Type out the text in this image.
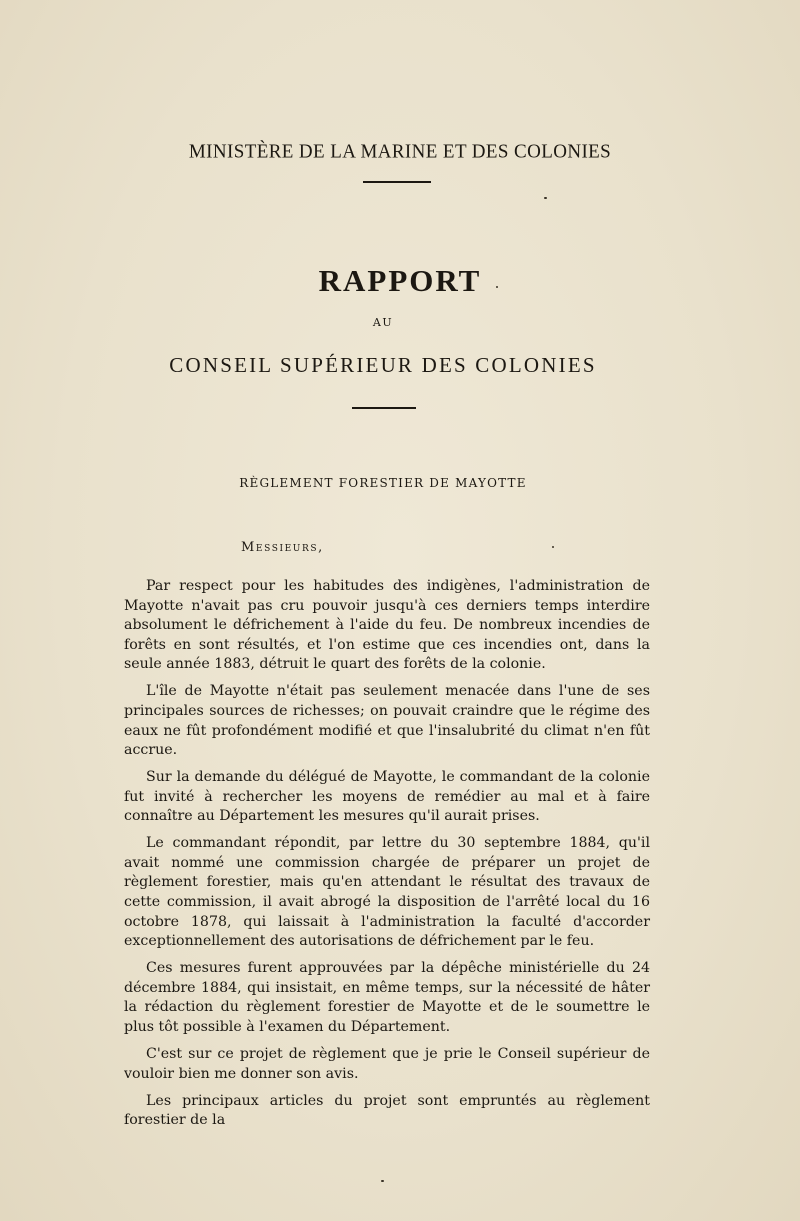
MINISTÈRE DE LA MARINE ET DES COLONIES
RAPPORT
AU
CONSEIL SUPÉRIEUR DES COLONIES
RÈGLEMENT FORESTIER DE MAYOTTE
Messieurs,

Par respect pour les habitudes des indigènes, l'administration de Mayotte n'avait pas cru pouvoir jusqu'à ces derniers temps interdire absolument le défrichement à l'aide du feu. De nombreux incendies de forêts en sont résultés, et l'on estime que ces incendies ont, dans la seule année 1883, détruit le quart des forêts de la colonie.

L'île de Mayotte n'était pas seulement menacée dans l'une de ses principales sources de richesses; on pouvait craindre que le régime des eaux ne fût profondément modifié et que l'insalubrité du climat n'en fût accrue.

Sur la demande du délégué de Mayotte, le commandant de la colonie fut invité à rechercher les moyens de remédier au mal et à faire connaître au Département les mesures qu'il aurait prises.

Le commandant répondit, par lettre du 30 septembre 1884, qu'il avait nommé une commission chargée de préparer un projet de règlement forestier, mais qu'en attendant le résultat des travaux de cette commission, il avait abrogé la disposition de l'arrêté local du 16 octobre 1878, qui laissait à l'administration la faculté d'accorder exceptionnellement des autorisations de défrichement par le feu.

Ces mesures furent approuvées par la dépêche ministérielle du 24 décembre 1884, qui insistait, en même temps, sur la nécessité de hâter la rédaction du règlement forestier de Mayotte et de le soumettre le plus tôt possible à l'examen du Département.

C'est sur ce projet de règlement que je prie le Conseil supérieur de vouloir bien me donner son avis.

Les principaux articles du projet sont empruntés au règlement forestier de la
